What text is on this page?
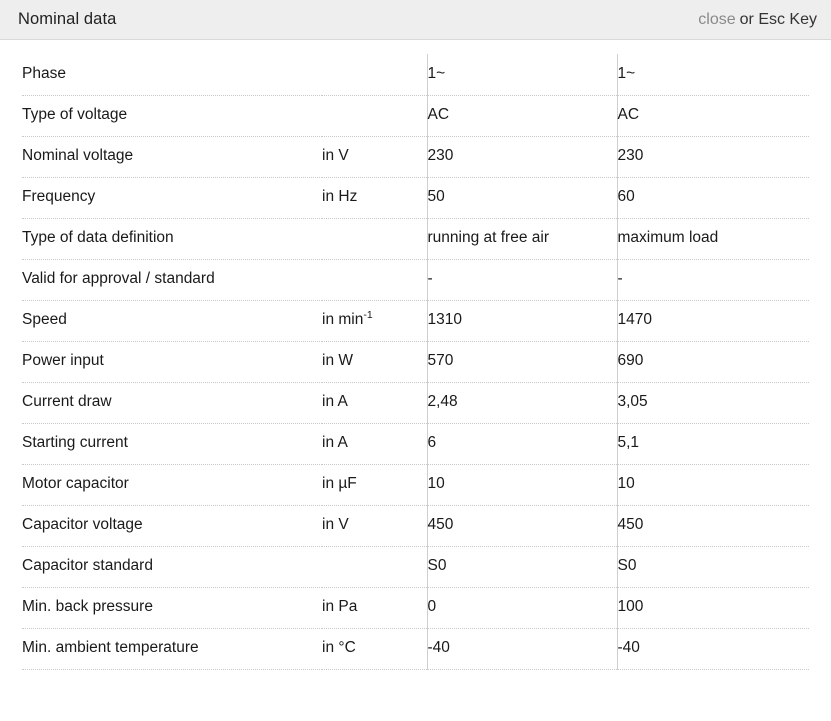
Nominal data	close or Esc Key
Phase		1~	1~
Type of voltage		AC	AC
Nominal voltage	in V	230	230
Frequency	in Hz	50	60
Type of data definition		running at free air	maximum load
Valid for approval / standard		-	-
Speed	in $\min^{-1}$	1310	1470
Power input	in W	570	690
Current draw	in A	2,48	3,05
Starting current	in A	6	5,1
Motor capacitor	in µF	10	10
Capacitor voltage	in V	450	450
Capacitor standard		S0	S0
Min. back pressure	in Pa	0	100
Min. ambient temperature	in °C	-40	-40
